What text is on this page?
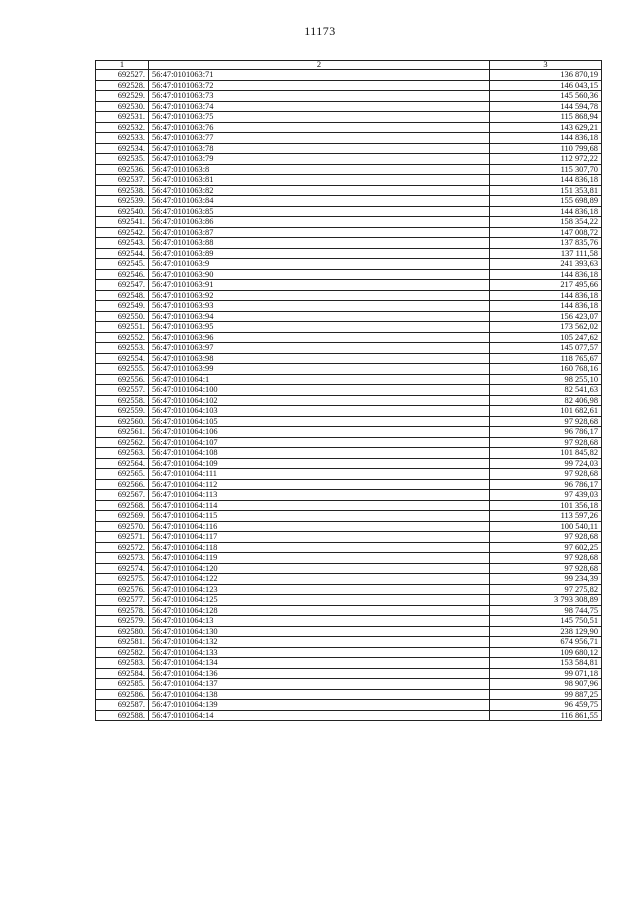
11173
1	2	3
692527.	56:47:0101063:71	136 870,19
692528.	56:47:0101063:72	146 043,15
692529.	56:47:0101063:73	145 560,36
692530.	56:47:0101063:74	144 594,78
692531.	56:47:0101063:75	115 868,94
692532.	56:47:0101063:76	143 629,21
692533.	56:47:0101063:77	144 836,18
692534.	56:47:0101063:78	110 799,68
692535.	56:47:0101063:79	112 972,22
692536.	56:47:0101063:8	115 307,70
692537.	56:47:0101063:81	144 836,18
692538.	56:47:0101063:82	151 353,81
692539.	56:47:0101063:84	155 698,89
692540.	56:47:0101063:85	144 836,18
692541.	56:47:0101063:86	158 354,22
692542.	56:47:0101063:87	147 008,72
692543.	56:47:0101063:88	137 835,76
692544.	56:47:0101063:89	137 111,58
692545.	56:47:0101063:9	241 393,63
692546.	56:47:0101063:90	144 836,18
692547.	56:47:0101063:91	217 495,66
692548.	56:47:0101063:92	144 836,18
692549.	56:47:0101063:93	144 836,18
692550.	56:47:0101063:94	156 423,07
692551.	56:47:0101063:95	173 562,02
692552.	56:47:0101063:96	105 247,62
692553.	56:47:0101063:97	145 077,57
692554.	56:47:0101063:98	118 765,67
692555.	56:47:0101063:99	160 768,16
692556.	56:47:0101064:1	98 255,10
692557.	56:47:0101064:100	82 541,63
692558.	56:47:0101064:102	82 406,98
692559.	56:47:0101064:103	101 682,61
692560.	56:47:0101064:105	97 928,68
692561.	56:47:0101064:106	96 786,17
692562.	56:47:0101064:107	97 928,68
692563.	56:47:0101064:108	101 845,82
692564.	56:47:0101064:109	99 724,03
692565.	56:47:0101064:111	97 928,68
692566.	56:47:0101064:112	96 786,17
692567.	56:47:0101064:113	97 439,03
692568.	56:47:0101064:114	101 356,18
692569.	56:47:0101064:115	113 597,26
692570.	56:47:0101064:116	100 540,11
692571.	56:47:0101064:117	97 928,68
692572.	56:47:0101064:118	97 602,25
692573.	56:47:0101064:119	97 928,68
692574.	56:47:0101064:120	97 928,68
692575.	56:47:0101064:122	99 234,39
692576.	56:47:0101064:123	97 275,82
692577.	56:47:0101064:125	3 793 308,89
692578.	56:47:0101064:128	98 744,75
692579.	56:47:0101064:13	145 750,51
692580.	56:47:0101064:130	238 129,90
692581.	56:47:0101064:132	674 956,71
692582.	56:47:0101064:133	109 680,12
692583.	56:47:0101064:134	153 584,81
692584.	56:47:0101064:136	99 071,18
692585.	56:47:0101064:137	98 907,96
692586.	56:47:0101064:138	99 887,25
692587.	56:47:0101064:139	96 459,75
692588.	56:47:0101064:14	116 861,55
